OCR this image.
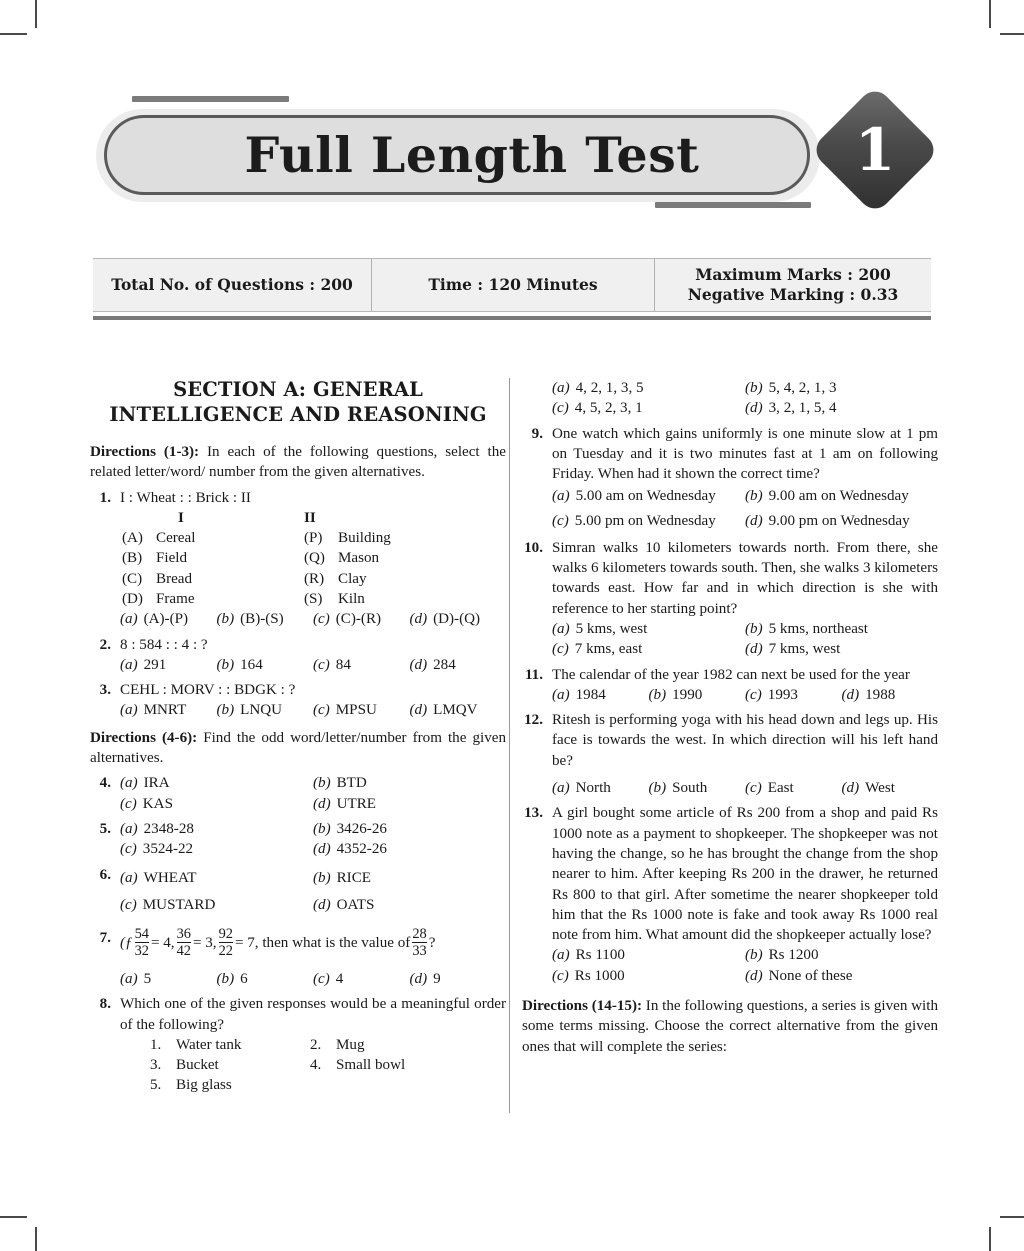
Full Length Test	1
Total No. of Questions : 200	Time : 120 Minutes
Maximum Marks : 200
Negative Marking : 0.33
SECTION A: GENERAL
INTELLIGENCE AND REASONING

Directions (1-3): In each of the following questions, select the related letter/word/ number from the given alternatives.

1. I : Wheat : : Brick : II
I	II
(A) Cereal	(P)	Building
(B) Field	(Q) Mason
(C) Bread	(R) Clay
(D) Frame	(S)	Kiln
(a) (A)-(P) (b) (B)-(S) (c) (C)-(R) (d) (D)-(Q)
2. 8 : 584 : : 4 : ?
(a) 291	(b) 164	(c) 84	(d) 284
3. CEHL : MORV : : BDGK : ?
(a) MNRT (b) LNQU (c) MPSU (d) LMQV

Directions (4-6): Find the odd word/letter/number from the given alternatives.

4. (a) IRA	(b) BTD
(c) KAS	(d) UTRE
5. (a) 2348-28	(b) 3426-26
(c) 3524-22	(d) 4352-26
6. (a) WHEAT	(b) RICE
(c) MUSTARD	(d) OATS
7. (ƒ $\frac{54}{32} = 4$, $\frac{36}{42} = 3$, $\frac{92}{22} = 7$, then what is the value of $\frac{28}{33}$ ?
(a) 5	(b) 6	(c) 4	(d) 9
8. Which one of the given responses would be a meaningful order of the following?
1. Water tank	2. Mug
3. Bucket	4. Small bowl
5. Big glass
(a) 4, 2, 1, 3, 5	(b) 5, 4, 2, 1, 3
(c) 4, 5, 2, 3, 1	(d) 3, 2, 1, 5, 4
9. One watch which gains uniformly is one minute slow at 1 pm on Tuesday and it is two minutes fast at 1 am on following Friday. When had it shown the correct time?
(a) 5.00 am on Wednesday (b) 9.00 am on Wednesday
(c) 5.00 pm on Wednesday (d) 9.00 pm on Wednesday
10. Simran walks 10 kilometers towards north. From there, she walks 6 kilometers towards south. Then, she walks 3 kilometers towards east. How far and in which direction is she with reference to her starting point?
(a) 5 kms, west	(b) 5 kms, northeast
(c) 7 kms, east	(d) 7 kms, west
11. The calendar of the year 1982 can next be used for the year
(a) 1984	(b) 1990	(c) 1993	(d) 1988
12. Ritesh is performing yoga with his head down and legs up. His face is towards the west. In which direction will his left hand be?
(a) North (b) South (c) East	(d) West
13. A girl bought some article of Rs 200 from a shop and paid Rs 1000 note as a payment to shopkeeper. The shopkeeper was not having the change, so he has brought the change from the shop nearer to him. After keeping Rs 200 in the drawer, he returned Rs 800 to that girl. After sometime the nearer shopkeeper told him that the Rs 1000 note is fake and took away Rs 1000 real note from him. What amount did the shopkeeper actually lose?
(a) Rs 1100	(b) Rs 1200
(c) Rs 1000	(d) None of these

Directions (14-15): In the following questions, a series is given with some terms missing. Choose the correct alternative from the given ones that will complete the series:
